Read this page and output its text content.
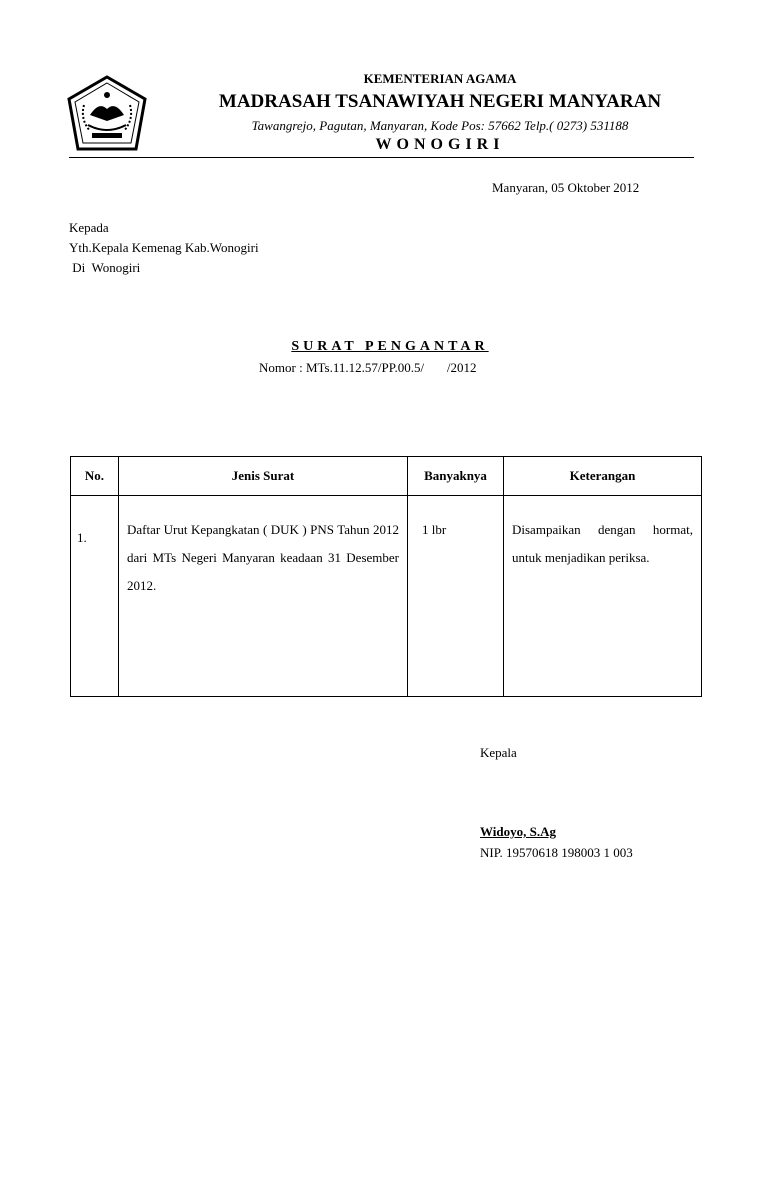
KEMENTERIAN AGAMA
MADRASAH TSANAWIYAH NEGERI MANYARAN
Tawangrejo, Pagutan, Manyaran, Kode Pos: 57662 Telp.( 0273) 531188
WONOGIRI
Manyaran, 05 Oktober 2012
Kepada
Yth.Kepala Kemenag Kab.Wonogiri
Di  Wonogiri
SURAT PENGANTAR
Nomor : MTs.11.12.57/PP.00.5/       /2012
No.	Jenis Surat	Banyaknya	Keterangan

1.	Daftar Urut Kepangkatan ( DUK ) PNS Tahun 2012 dari MTs Negeri Manyaran keadaan 31 Desember 2012.	1 lbr	Disampaikan dengan hormat, untuk menjadikan periksa.
Kepala
Widoyo, S.Ag
NIP. 19570618 198003 1 003
